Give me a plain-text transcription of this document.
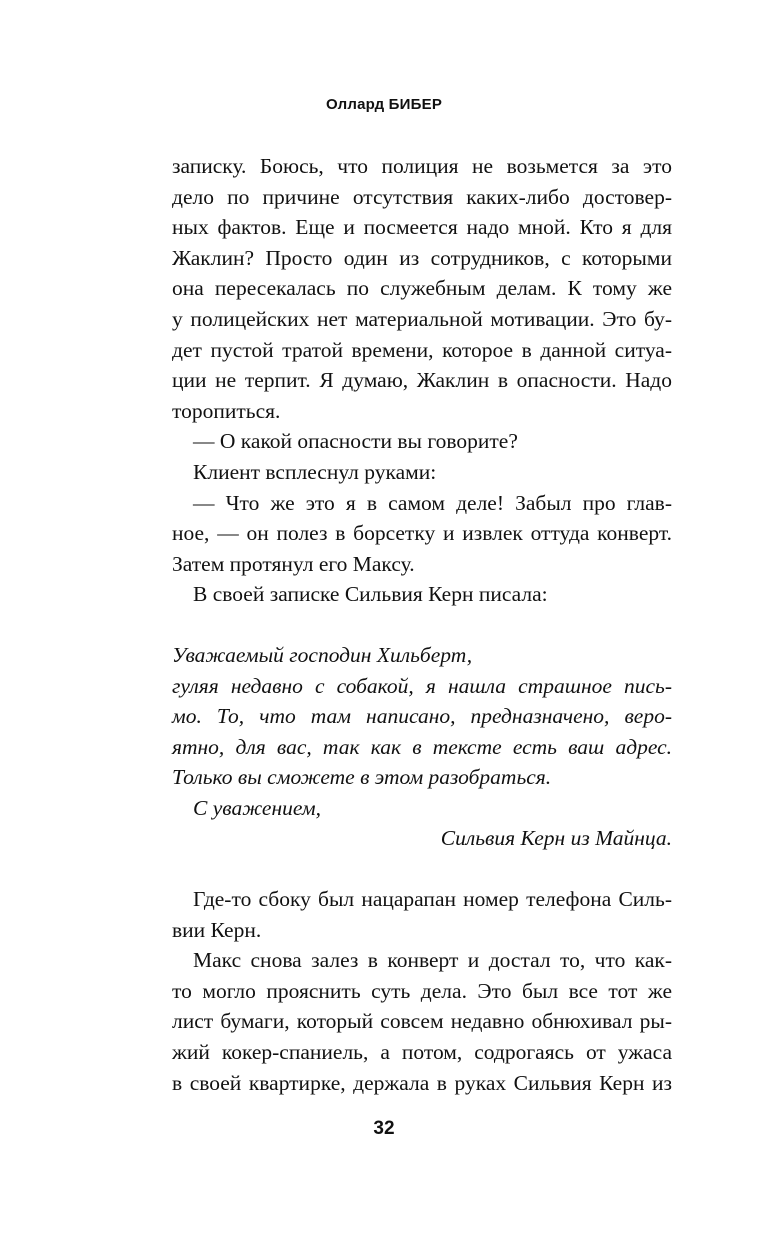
Оллард БИБЕР
записку. Боюсь, что полиция не возьмется за это
дело по причине отсутствия каких-либо достовер-
ных фактов. Еще и посмеется надо мной. Кто я для
Жаклин? Просто один из сотрудников, с которыми
она пересекалась по служебным делам. К тому же
у полицейских нет материальной мотивации. Это бу-
дет пустой тратой времени, которое в данной ситуа-
ции не терпит. Я думаю, Жаклин в опасности. Надо
торопиться.
— О какой опасности вы говорите?
Клиент всплеснул руками:
— Что же это я в самом деле! Забыл про глав-
ное, — он полез в борсетку и извлек оттуда конверт.
Затем протянул его Максу.
В своей записке Сильвия Керн писала:
Уважаемый господин Хильберт,
гуляя недавно с собакой, я нашла страшное пись-
мо. То, что там написано, предназначено, веро-
ятно, для вас, так как в тексте есть ваш адрес.
Только вы сможете в этом разобраться.
С уважением,
Сильвия Керн из Майнца.
Где-то сбоку был нацарапан номер телефона Силь-
вии Керн.
Макс снова залез в конверт и достал то, что как-
то могло прояснить суть дела. Это был все тот же
лист бумаги, который совсем недавно обнюхивал ры-
жий кокер-спаниель, а потом, содрогаясь от ужаса
в своей квартирке, держала в руках Сильвия Керн из
32
